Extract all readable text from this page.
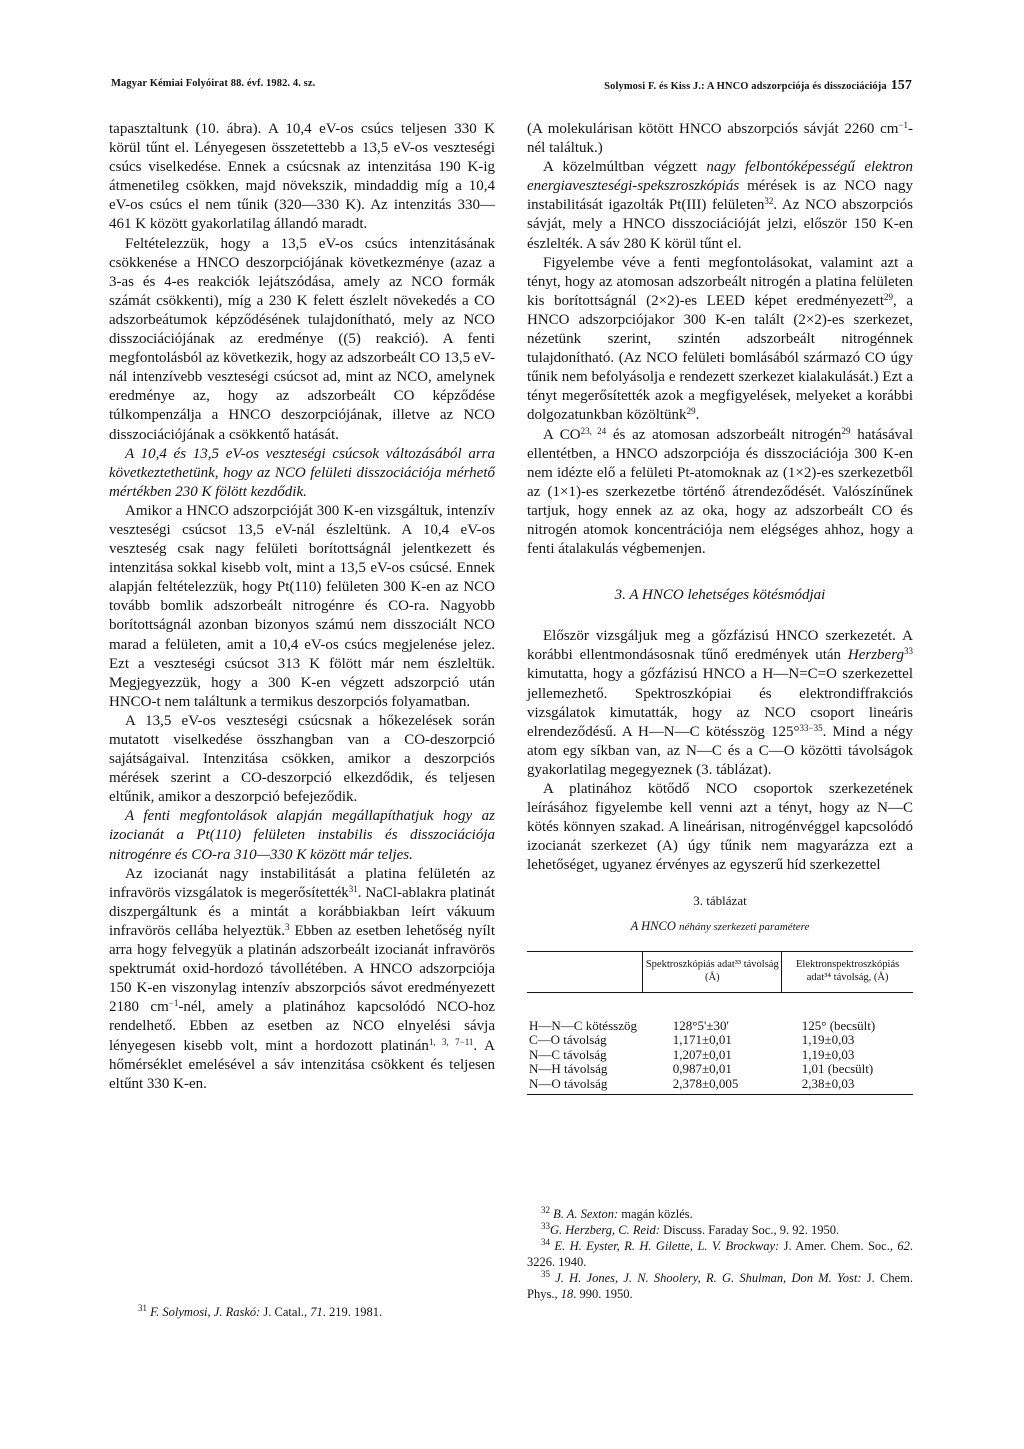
Magyar Kémiai Folyóirat 88. évf. 1982. 4. sz.	Solymosi F. és Kiss J.: A HNCO adszorpciója és disszociációja 157

tapasztaltunk (10. ábra). A 10,4 eV-os csúcs teljesen 330 K körül tűnt el. Lényegesen összetettebb a 13,5 eV-os veszteségi csúcs viselkedése. Ennek a csúcsnak az intenzitása 190 K-ig átmenetileg csökken, majd növekszik, mindaddig míg a 10,4 eV-os csúcs el nem tűnik (320—330 K). Az intenzitás 330—461 K között gyakorlatilag állandó maradt.

Feltételezzük, hogy a 13,5 eV-os csúcs intenzitásának csökkenése a HNCO deszorpciójának következménye (azaz a 3-as és 4-es reakciók lejátszódása, amely az NCO formák számát csökkenti), míg a 230 K felett észlelt növekedés a CO adszorbeátumok képződésének tulajdonítható, mely az NCO disszociációjának az eredménye ((5) reakció). A fenti megfontolásból az következik, hogy az adszorbeált CO 13,5 eV-nál intenzívebb veszteségi csúcsot ad, mint az NCO, amelynek eredménye az, hogy az adszorbeált CO képződése túlkompenzálja a HNCO deszorpciójának, illetve az NCO disszociációjának a csökkentő hatását.

A 10,4 és 13,5 eV-os veszteségi csúcsok változásából arra következtethetünk, hogy az NCO felületi disszociációja mérhető mértékben 230 K fölött kezdődik.

Amikor a HNCO adszorpcióját 300 K-en vizsgáltuk, intenzív veszteségi csúcsot 13,5 eV-nál észleltünk. A 10,4 eV-os veszteség csak nagy felületi borítottságnál jelentkezett és intenzitása sokkal kisebb volt, mint a 13,5 eV-os csúcsé. Ennek alapján feltételezzük, hogy Pt(110) felületen 300 K-en az NCO tovább bomlik adszorbeált nitrogénre és CO-ra. Nagyobb borítottságnál azonban bizonyos számú nem disszociált NCO marad a felületen, amit a 10,4 eV-os csúcs megjelenése jelez. Ezt a veszteségi csúcsot 313 K fölött már nem észleltük. Megjegyezzük, hogy a 300 K-en végzett adszorpció után HNCO-t nem találtunk a termikus deszorpciós folyamatban.

A 13,5 eV-os veszteségi csúcsnak a hőkezelések során mutatott viselkedése összhangban van a CO-deszorpció sajátságaival. Intenzitása csökken, amikor a deszorpciós mérések szerint a CO-deszorpció elkezdődik, és teljesen eltűnik, amikor a deszorpció befejeződik.

A fenti megfontolások alapján megállapíthatjuk hogy az izocianát a Pt(110) felületen instabilis és disszociációja nitrogénre és CO-ra 310—330 K között már teljes.

Az izocianát nagy instabilitását a platina felületén az infravörös vizsgálatok is megerősítették$^{31}$. NaCl-ablakra platinát diszpergáltunk és a mintát a korábbiakban leírt vákuum infravörös cellába helyeztük.$^3$ Ebben az esetben lehetőség nyílt arra hogy felvegyük a platinán adszorbeált izocianát infravörös spektrumát oxid-hordozó távollétében. A HNCO adszorpciója 150 K-en viszonylag intenzív abszorpciós sávot eredményezett 2180 $cm^{-1}$-nél, amely a platinához kapcsolódó NCO-hoz rendelhető. Ebben az esetben az NCO elnyelési sávja lényegesen kisebb volt, mint a hordozott platinán$^{1, 3, 7-11}$. A hőmérséklet emelésével a sáv intenzitása csökkent és teljesen eltűnt 330 K-en.

(A molekulárisan kötött HNCO abszorpciós sávját 2260 $cm^{-1}$-nél találtuk.)

A közelmúltban végzett nagy felbontóképességű elektron energiaveszteségi-spekszroszkópiás mérések is az NCO nagy instabilitását igazolták Pt(III) felületen$^{32}$. Az NCO abszorpciós sávját, mely a HNCO disszociációját jelzi, először 150 K-en észlelték. A sáv 280 K körül tűnt el.

Figyelembe véve a fenti megfontolásokat, valamint azt a tényt, hogy az atomosan adszorbeált nitrogén a platina felületen kis borítottságnál (2×2)-es LEED képet eredményezett$^{29}$, a HNCO adszorpciójakor 300 K-en talált (2×2)-es szerkezet, nézetünk szerint, szintén adszorbeált nitrogénnek tulajdonítható. (Az NCO felületi bomlásából származó CO úgy tűnik nem befolyásolja e rendezett szerkezet kialakulását.) Ezt a tényt megerősítették azok a megfigyelések, melyeket a korábbi dolgozatunkban közöltünk$^{29}$.

A CO$^{23, 24}$ és az atomosan adszorbeált nitrogén$^{29}$ hatásával ellentétben, a HNCO adszorpciója és disszociációja 300 K-en nem idézte elő a felületi Pt-atomoknak az (1×2)-es szerkezetből az (1×1)-es szerkezetbe történő átrendeződését. Valószínűnek tartjuk, hogy ennek az az oka, hogy az adszorbeált CO és nitrogén atomok koncentrációja nem elégséges ahhoz, hogy a fenti átalakulás végbemenjen.

3. A HNCO lehetséges kötésmódjai

Először vizsgáljuk meg a gőzfázisú HNCO szerkezetét. A korábbi ellentmondásosnak tűnő eredmények után Herzberg$^{33}$ kimutatta, hogy a gőzfázisú HNCO a H—N=C=O szerkezettel jellemezhető. Spektroszkópiai és elektrondiffrakciós vizsgálatok kimutatták, hogy az NCO csoport lineáris elrendeződésű. A H—N—C kötésszög 125°$^{33-35}$. Mind a négy atom egy síkban van, az N—C és a C—O közötti távolságok gyakorlatilag megegyeznek (3. táblázat).

A platinához kötődő NCO csoportok szerkezetének leírásához figyelembe kell venni azt a tényt, hogy az N—C kötés könnyen szakad. A lineárisan, nitrogénvéggel kapcsolódó izocianát szerkezet (A) úgy tűnik nem magyarázza ezt a lehetőséget, ugyanez érvényes az egyszerű híd szerkezettel

3. táblázat
A HNCO néhány szerkezeti paramétere
	Spektroszkópiás adat³³ távolság (Å)	Elektronspektroszkópiás adat³⁴ távolság, (Å)
H—N—C kötésszög	128°5'±30'	125° (becsült)
C—O távolság	1,171±0,01	1,19±0,03
N—C távolság	1,207±0,01	1,19±0,03
N—H távolság	0,987±0,01	1,01 (becsült)
N—O távolság	2,378±0,005	2,38±0,03

$^{31}$ F. Solymosi, J. Raskó: J. Catal., 71. 219. 1981.

$^{32}$ B. A. Sexton: magán közlés.

$^{33}$G. Herzberg, C. Reid: Discuss. Faraday Soc., 9. 92. 1950.

$^{34}$ E. H. Eyster, R. H. Gilette, L. V. Brockway: J. Amer. Chem. Soc., 62. 3226. 1940.

$^{35}$ J. H. Jones, J. N. Shoolery, R. G. Shulman, Don M. Yost: J. Chem. Phys., 18. 990. 1950.
